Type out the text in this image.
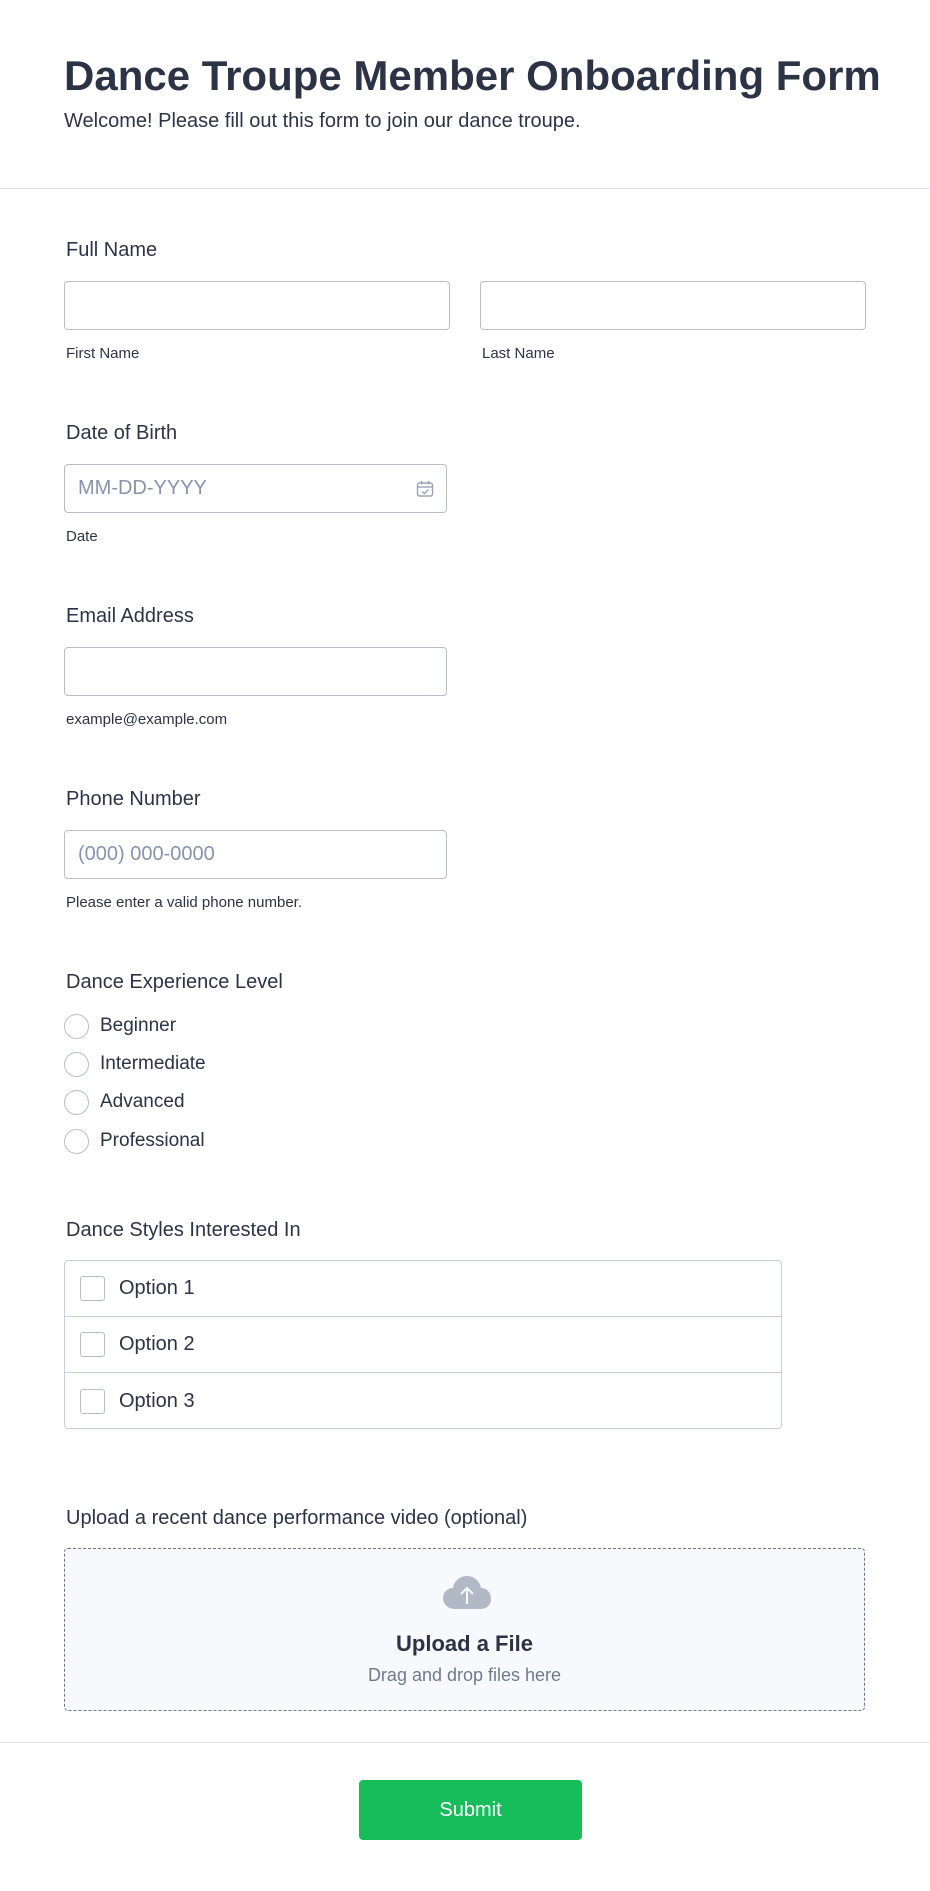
Dance Troupe Member Onboarding Form

Welcome! Please fill out this form to join our dance troupe.

Full Name
First Name	Last Name
Date of Birth
MM-DD-YYYY
Date
Email Address
example@example.com
Phone Number
(000) 000-0000
Please enter a valid phone number.
Dance Experience Level
Beginner
Intermediate
Advanced
Professional
Dance Styles Interested In
Option 1
Option 2
Option 3
Upload a recent dance performance video (optional)
Upload a File
Drag and drop files here
Submit
